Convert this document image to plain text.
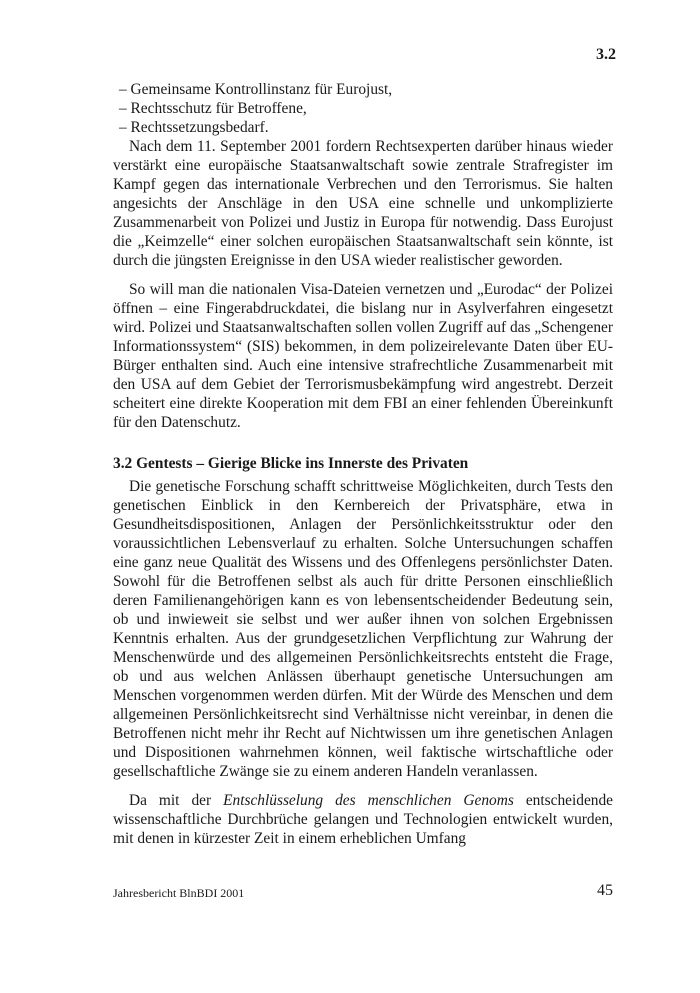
3.2
– Gemeinsame Kontrollinstanz für Eurojust,
– Rechtsschutz für Betroffene,
– Rechtssetzungsbedarf.

Nach dem 11. September 2001 fordern Rechtsexperten darüber hinaus wieder verstärkt eine europäische Staatsanwaltschaft sowie zentrale Strafregister im Kampf gegen das internationale Verbrechen und den Terrorismus. Sie halten angesichts der Anschläge in den USA eine schnelle und unkomplizierte Zusammenarbeit von Polizei und Justiz in Europa für notwendig. Dass Eurojust die „Keimzelle“ einer solchen europäischen Staatsanwaltschaft sein könnte, ist durch die jüngsten Ereignisse in den USA wieder realistischer geworden.

So will man die nationalen Visa-Dateien vernetzen und „Eurodac“ der Polizei öffnen – eine Fingerabdruckdatei, die bislang nur in Asylverfahren eingesetzt wird. Polizei und Staatsanwaltschaften sollen vollen Zugriff auf das „Schengener Informationssystem“ (SIS) bekommen, in dem polizeirelevante Daten über EU-Bürger enthalten sind. Auch eine intensive strafrechtliche Zusammenarbeit mit den USA auf dem Gebiet der Terrorismusbekämpfung wird angestrebt. Derzeit scheitert eine direkte Kooperation mit dem FBI an einer fehlenden Übereinkunft für den Datenschutz.

3.2 Gentests – Gierige Blicke ins Innerste des Privaten

Die genetische Forschung schafft schrittweise Möglichkeiten, durch Tests den genetischen Einblick in den Kernbereich der Privatsphäre, etwa in Gesundheitsdispositionen, Anlagen der Persönlichkeitsstruktur oder den voraussichtlichen Lebensverlauf zu erhalten. Solche Untersuchungen schaffen eine ganz neue Qualität des Wissens und des Offenlegens persönlichster Daten. Sowohl für die Betroffenen selbst als auch für dritte Personen einschließlich deren Familienangehörigen kann es von lebensentscheidender Bedeutung sein, ob und inwieweit sie selbst und wer außer ihnen von solchen Ergebnissen Kenntnis erhalten. Aus der grundgesetzlichen Verpflichtung zur Wahrung der Menschenwürde und des allgemeinen Persönlichkeitsrechts entsteht die Frage, ob und aus welchen Anlässen überhaupt genetische Untersuchungen am Menschen vorgenommen werden dürfen. Mit der Würde des Menschen und dem allgemeinen Persönlichkeitsrecht sind Verhältnisse nicht vereinbar, in denen die Betroffenen nicht mehr ihr Recht auf Nichtwissen um ihre genetischen Anlagen und Dispositionen wahrnehmen können, weil faktische wirtschaftliche oder gesellschaftliche Zwänge sie zu einem anderen Handeln veranlassen.

Da mit der Entschlüsselung des menschlichen Genoms entscheidende wissenschaftliche Durchbrüche gelangen und Technologien entwickelt wurden, mit denen in kürzester Zeit in einem erheblichen Umfang

Jahresbericht BlnBDI 2001	45
